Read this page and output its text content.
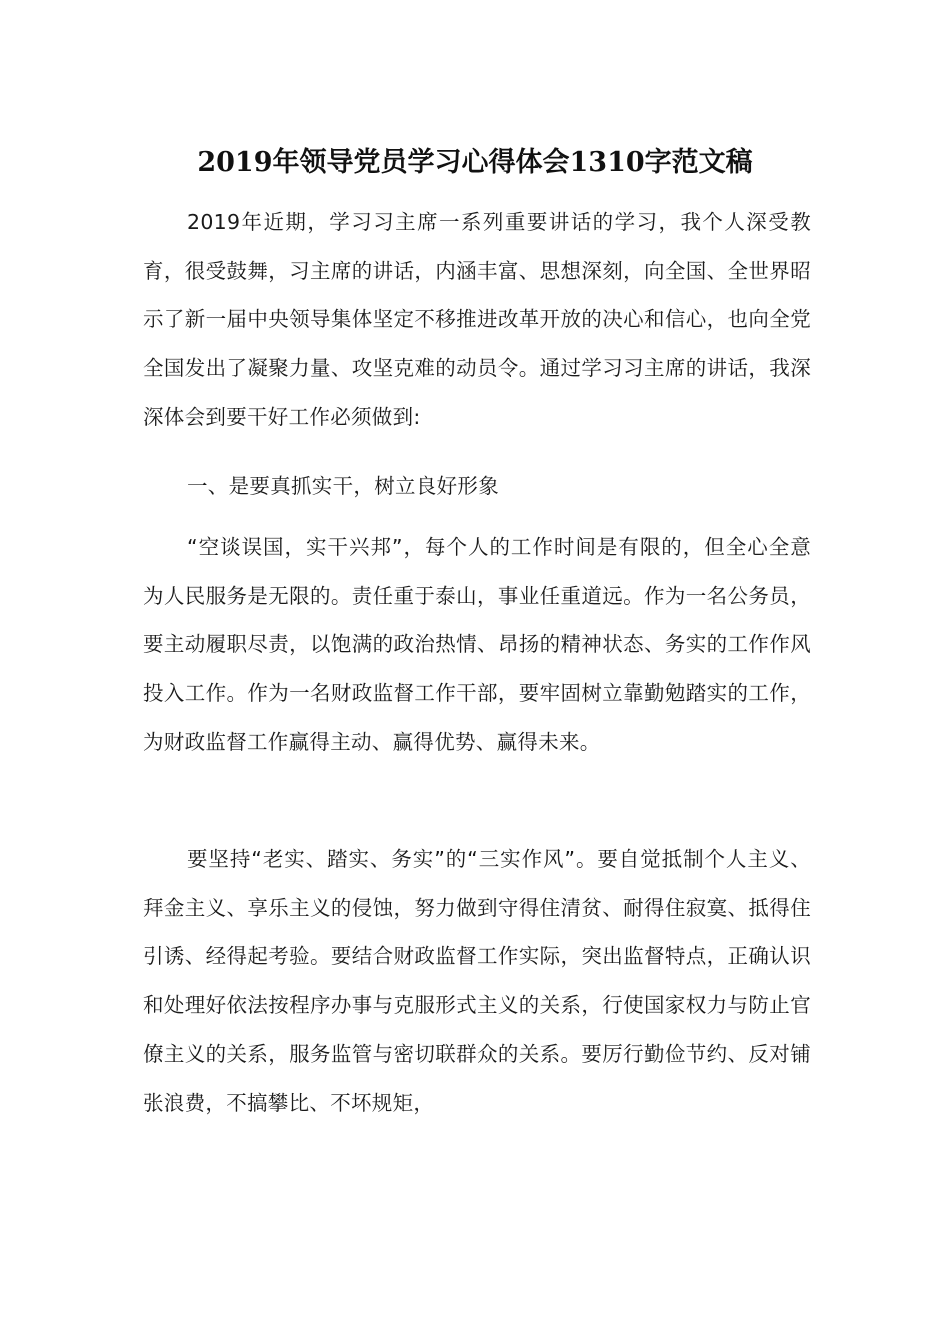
2019年领导党员学习心得体会1310字范文稿

2019年近期，学习习主席一系列重要讲话的学习，我个人深受教育，很受鼓舞，习主席的讲话，内涵丰富、思想深刻，向全国、全世界昭示了新一届中央领导集体坚定不移推进改革开放的决心和信心，也向全党全国发出了凝聚力量、攻坚克难的动员令。通过学习习主席的讲话，我深深体会到要干好工作必须做到:

一、是要真抓实干，树立良好形象

“空谈误国，实干兴邦”，每个人的工作时间是有限的，但全心全意为人民服务是无限的。责任重于泰山，事业任重道远。作为一名公务员，要主动履职尽责，以饱满的政治热情、昂扬的精神状态、务实的工作作风投入工作。作为一名财政监督工作干部，要牢固树立靠勤勉踏实的工作，为财政监督工作赢得主动、赢得优势、赢得未来。

要坚持“老实、踏实、务实”的“三实作风”。要自觉抵制个人主义、拜金主义、享乐主义的侵蚀，努力做到守得住清贫、耐得住寂寞、抵得住引诱、经得起考验。要结合财政监督工作实际，突出监督特点，正确认识和处理好依法按程序办事与克服形式主义的关系，行使国家权力与防止官僚主义的关系，服务监管与密切联群众的关系。要厉行勤俭节约、反对铺张浪费，不搞攀比、不坏规矩，
